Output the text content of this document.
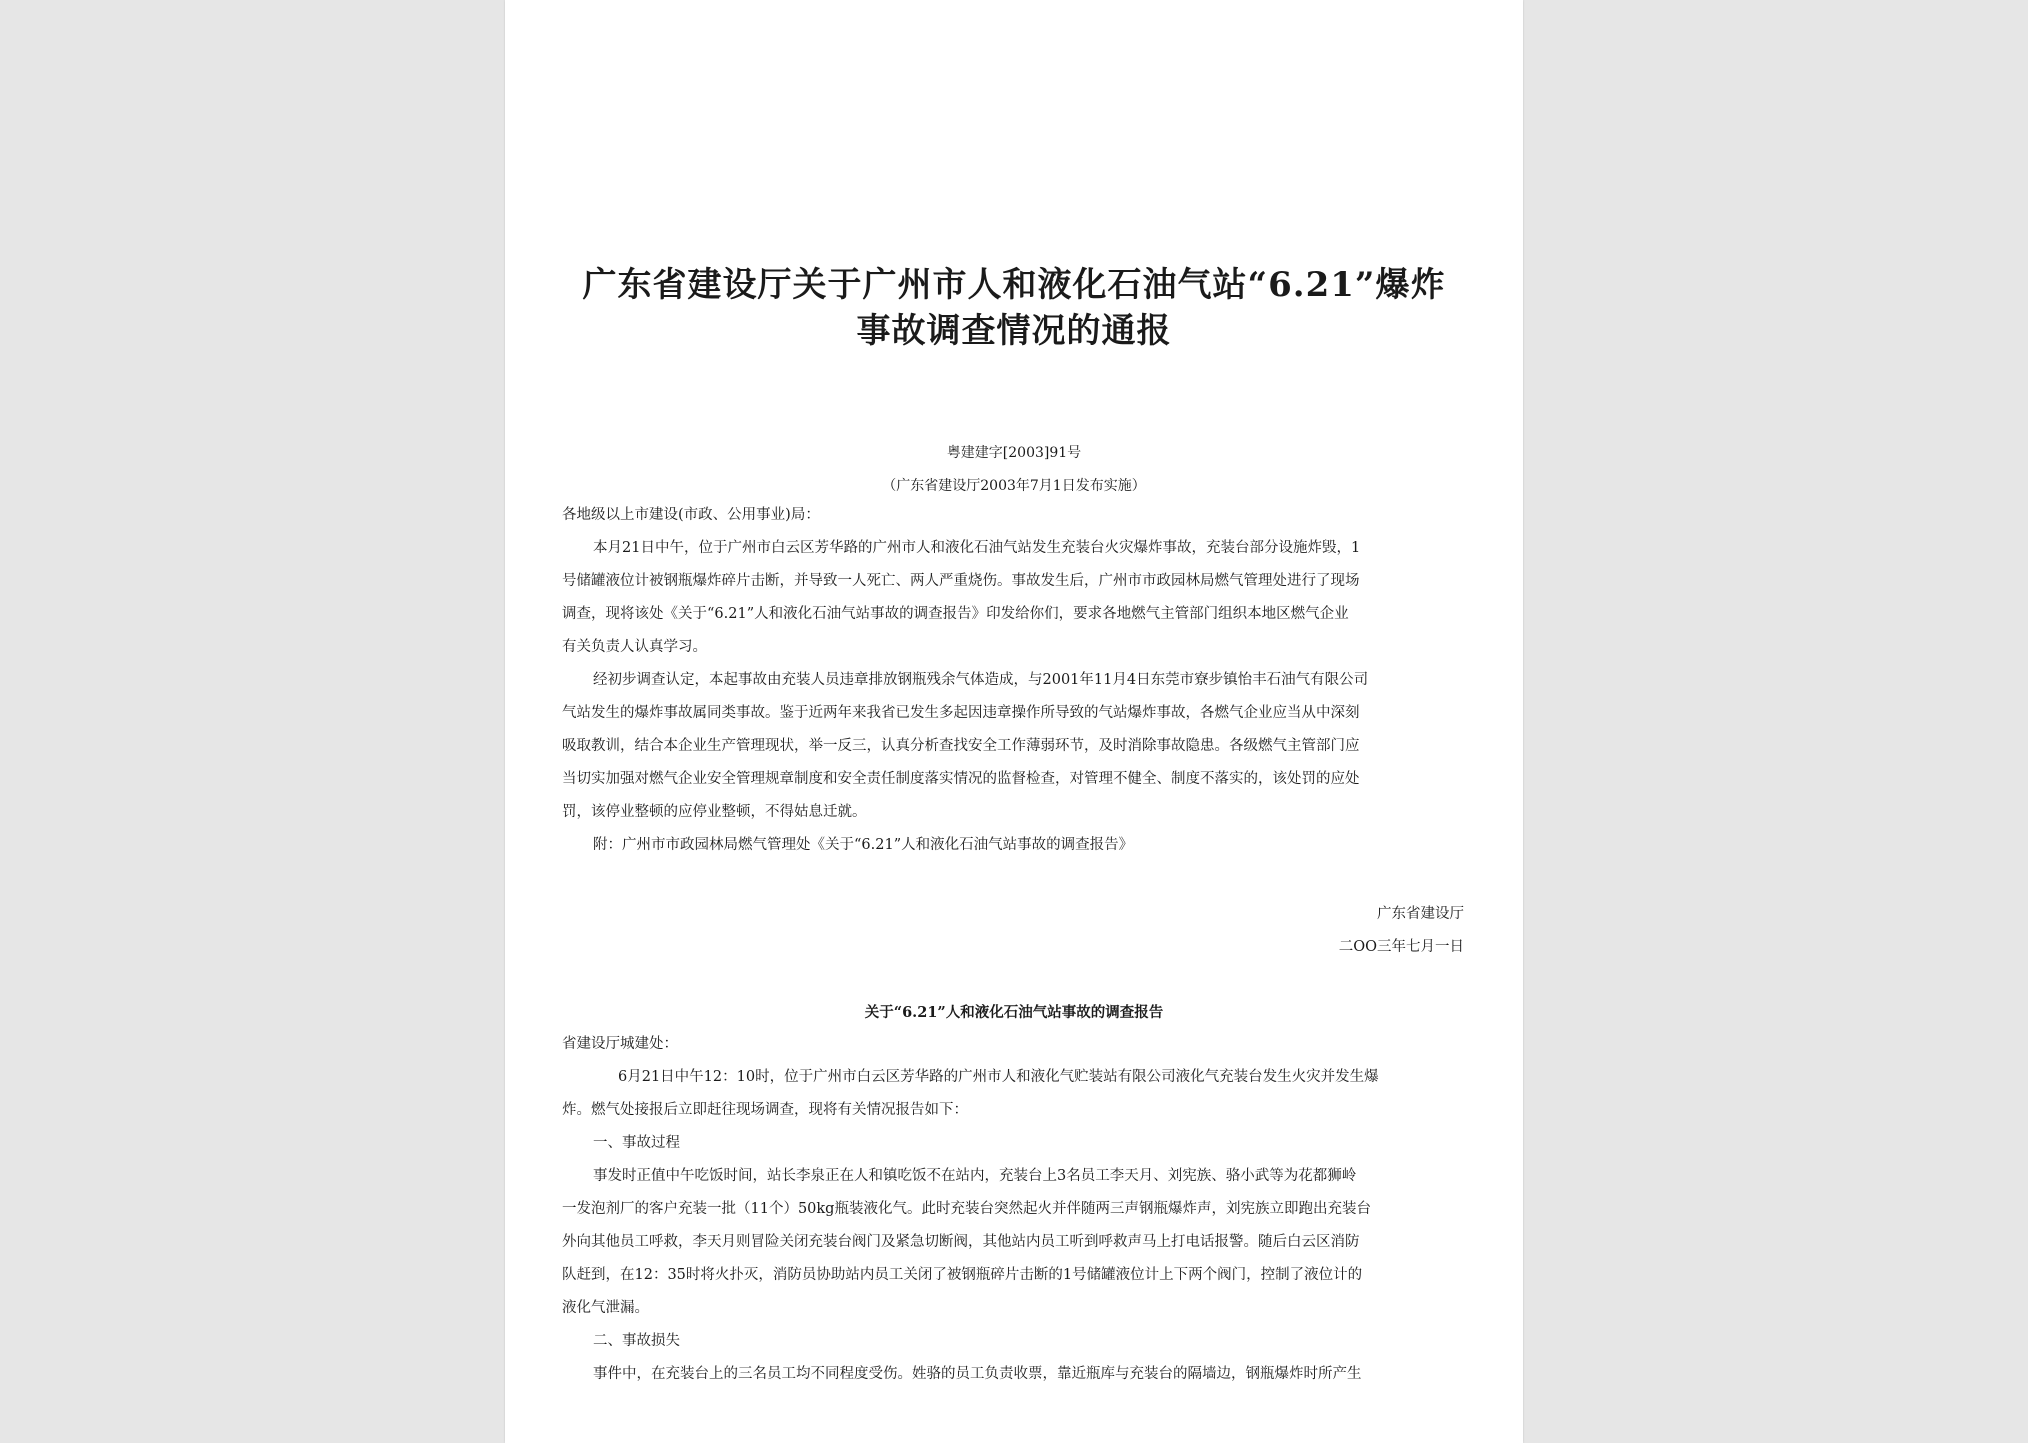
广东省建设厅关于广州市人和液化石油气站“6.21”爆炸
事故调查情况的通报
粤建建字[2003]91号
（广东省建设厅2003年7月1日发布实施）
各地级以上市建设(市政、公用事业)局：
本月21日中午，位于广州市白云区芳华路的广州市人和液化石油气站发生充装台火灾爆炸事故，充装台部分设施炸毁，1
号储罐液位计被钢瓶爆炸碎片击断，并导致一人死亡、两人严重烧伤。事故发生后，广州市市政园林局燃气管理处进行了现场
调查，现将该处《关于“6.21”人和液化石油气站事故的调查报告》印发给你们，要求各地燃气主管部门组织本地区燃气企业
有关负责人认真学习。
经初步调查认定，本起事故由充装人员违章排放钢瓶残余气体造成，与2001年11月4日东莞市寮步镇怡丰石油气有限公司
气站发生的爆炸事故属同类事故。鉴于近两年来我省已发生多起因违章操作所导致的气站爆炸事故，各燃气企业应当从中深刻
吸取教训，结合本企业生产管理现状，举一反三，认真分析查找安全工作薄弱环节，及时消除事故隐患。各级燃气主管部门应
当切实加强对燃气企业安全管理规章制度和安全责任制度落实情况的监督检查，对管理不健全、制度不落实的，该处罚的应处
罚，该停业整顿的应停业整顿，不得姑息迁就。
附：广州市市政园林局燃气管理处《关于“6.21”人和液化石油气站事故的调查报告》
广东省建设厅
二OO三年七月一日
关于“6.21”人和液化石油气站事故的调查报告
省建设厅城建处：
6月21日中午12：10时，位于广州市白云区芳华路的广州市人和液化气贮装站有限公司液化气充装台发生火灾并发生爆
炸。燃气处接报后立即赶往现场调查，现将有关情况报告如下：
一、事故过程
事发时正值中午吃饭时间，站长李泉正在人和镇吃饭不在站内，充装台上3名员工李天月、刘宪族、骆小武等为花都狮岭
一发泡剂厂的客户充装一批（11个）50kg瓶装液化气。此时充装台突然起火并伴随两三声钢瓶爆炸声，刘宪族立即跑出充装台
外向其他员工呼救，李天月则冒险关闭充装台阀门及紧急切断阀，其他站内员工听到呼救声马上打电话报警。随后白云区消防
队赶到，在12：35时将火扑灭，消防员协助站内员工关闭了被钢瓶碎片击断的1号储罐液位计上下两个阀门，控制了液位计的
液化气泄漏。
二、事故损失
事件中，在充装台上的三名员工均不同程度受伤。姓骆的员工负责收票，靠近瓶库与充装台的隔墙边，钢瓶爆炸时所产生
